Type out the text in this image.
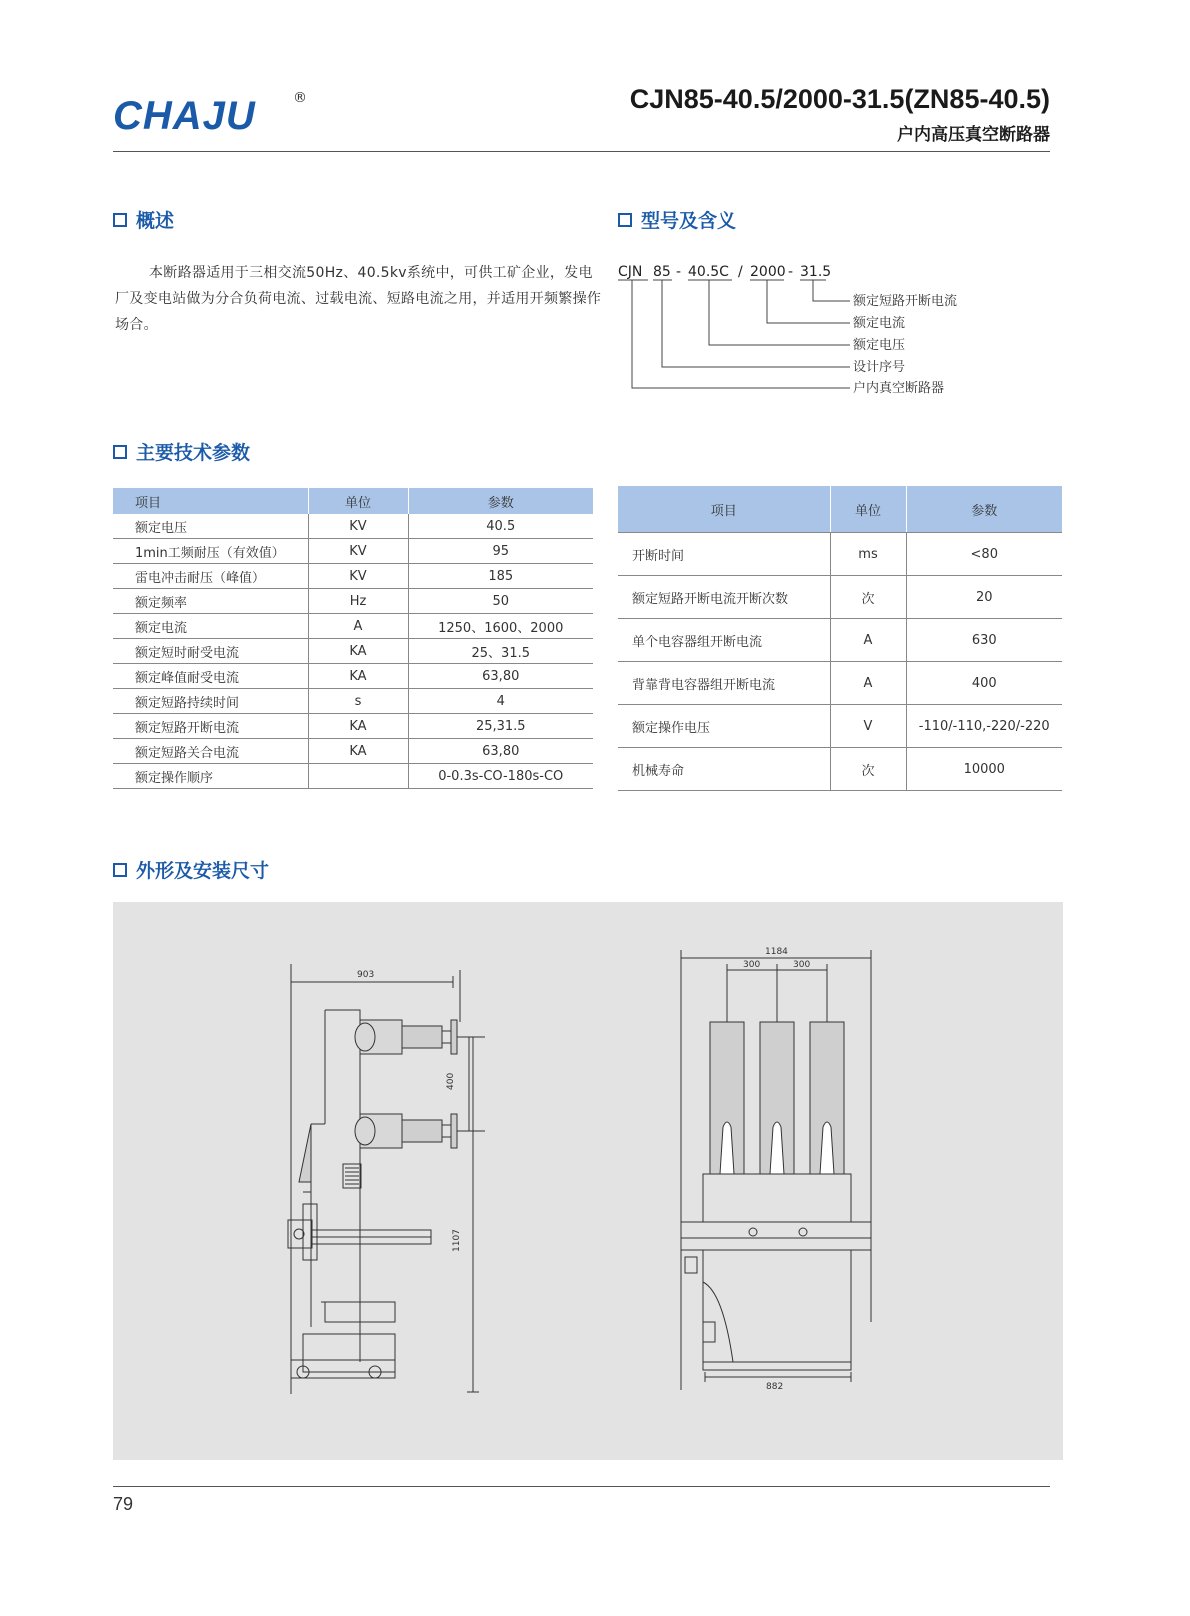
CHAJU	®	CJN85-40.5/2000-31.5(ZN85-40.5)
户内高压真空断路器
概述	型号及含义
主要技术参数
外形及安装尺寸
本断路器适用于三相交流50Hz、40.5kv系统中，可供工矿企业，发电厂及变电站做为分合负荷电流、过载电流、短路电流之用，并适用开频繁操作场合。
CJN 85 - 40.5C / 2000 - 31.5
额定短路开断电流
额定电流
额定电压
设计序号
户内真空断路器
项目	单位	参数
额定电压	KV	40.5
1min工频耐压（有效值）	KV	95
雷电冲击耐压（峰值）	KV	185
额定频率	Hz	50
额定电流	A	1250、1600、2000
额定短时耐受电流	KA	25、31.5
额定峰值耐受电流	KA	63,80
额定短路持续时间	s	4
额定短路开断电流	KA	25,31.5
额定短路关合电流	KA	63,80
额定操作顺序		0-0.3s-CO-180s-CO
项目	单位	参数
开断时间	ms	<80
额定短路开断电流开断次数	次	20
单个电容器组开断电流	A	630
背靠背电容器组开断电流	A	400
额定操作电压	V	-110/-110,-220/-220
机械寿命	次	10000
903
400
1107
1184
300	300
882
79
